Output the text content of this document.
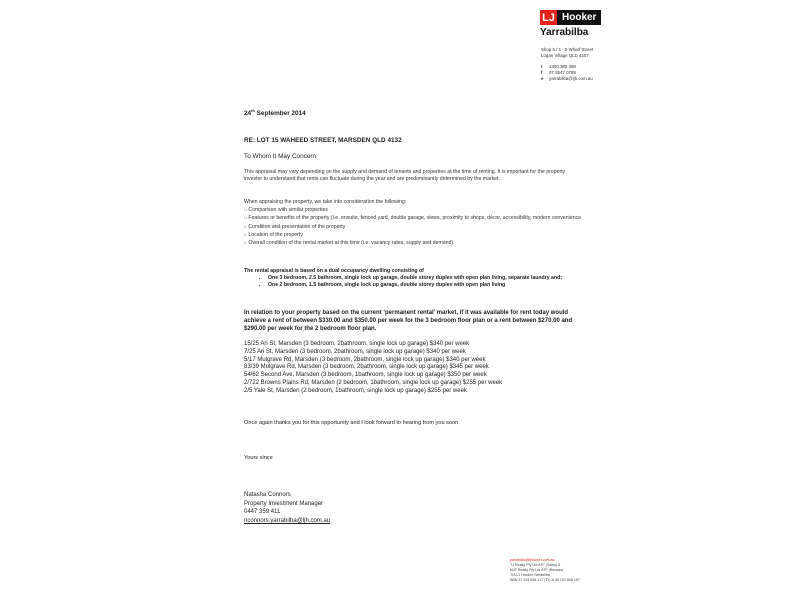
LJ Hooker
Yarrabilba
Shop 5 / 1 - 5 Wharf Street
Logan Village QLD 4207
t 1300 380 388
f 07 5547 0788
e yarrabilba@ljh.com.au
24th September 2014
RE: LOT 15 WAHEED STREET, MARSDEN QLD 4132
To Whom It May Concern
This appraisal may vary depending on the supply and demand of tenants and properties at the time of renting. It is important for the property investor to understand that rents can fluctuate during the year and are predominantly determined by the market.
When appraising the property, we take into consideration the following:
□ Comparison with similar properties
□ Features or benefits of the property (i.e. ensuite, fenced yard, double garage, views, proximity to shops, décor, accessibility, modern convenience
□ Condition and presentation of the property
□ Location of the property
□ Overall condition of the rental market at this time (i.e. vacancy rates, supply and demand)
The rental appraisal is based on a dual occupancy dwelling consisting of
• One 3 bedroom, 2.5 bathroom, single lock up garage, double storey duplex with open plan living, separate laundry and;
• One 2 bedroom, 1.5 bathroom, single lock up garage, double storey duplex with open plan living
In relation to your property based on the current ‘permanent rental’ market, if it was available for rent today would achieve a rent of between $330.00 and $350.00 per week for the 3 bedroom floor plan or a rent between $270.00 and $290.00 per week for the 2 bedroom floor plan.
15/25 Ari St, Marsden (3 bedroom, 2bathroom, single lock up garage) $340 per week
7/25 Ari St, Marsden (3 bedroom, 2bathroom, single lock up garage) $340 per week
5/17 Mulgrave Rd, Marsden (3 bedroom, 2bathroom, single lock up garage) $340 per week
83/39 Mulgrave Rd, Marsden (3 bedroom, 2bathroom, single lock up garage) $345 per week
54/62 Second Ave, Marsden (3 bedroom, 1bathroom, single lock up garage) $350 per week
2/722 Browns Plains Rd, Marsden (2 bedroom, 1bathroom, single lock up garage) $255 per week
2/5 Yale St, Marsden (2 bedroom, 1bathroom, single lock up garage) $255 per week
Once again thanks you for this opportunity and I look forward to hearing from you soon
Yours since
Natasha Connors
Property Investment Manager
0447 359 411
nconnors.yarrabilba@ljh.com.au
yarrabilba@ljhooker.com.au
TJ Realty Pty Ltd ATF (Sales) &
MJT Realty Pty Ltd ATF (Rentals)
T/A LJ Hooker Yarrabilba
ABN 37 518 638 117 (TJ) & 49 193 698 197
